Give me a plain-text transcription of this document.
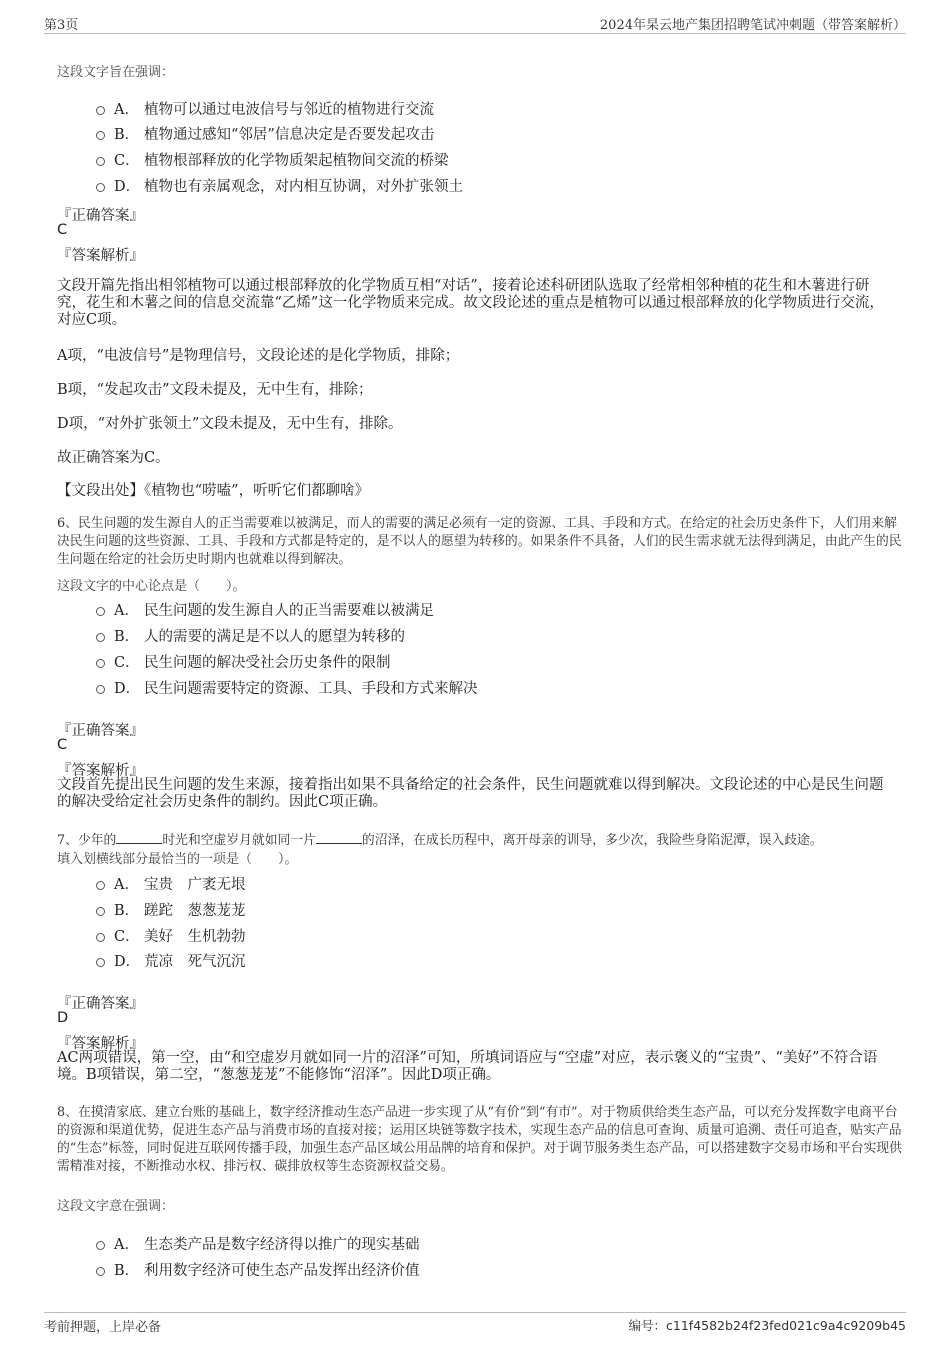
第3页	2024年杲云地产集团招聘笔试冲刺题（带答案解析）
这段文字旨在强调：
A． 植物可以通过电波信号与邻近的植物进行交流
B． 植物通过感知“邻居”信息决定是否要发起攻击
C． 植物根部释放的化学物质架起植物间交流的桥梁
D． 植物也有亲属观念，对内相互协调，对外扩张领土
『正确答案』
C
『答案解析』
文段开篇先指出相邻植物可以通过根部释放的化学物质互相“对话”，接着论述科研团队选取了经常相邻种植的花生和木薯进行研究，花生和木薯之间的信息交流靠“乙烯”这一化学物质来完成。故文段论述的重点是植物可以通过根部释放的化学物质进行交流，对应C项。
A项，“电波信号”是物理信号，文段论述的是化学物质，排除；
B项，“发起攻击”文段未提及，无中生有，排除；
D项，“对外扩张领土”文段未提及，无中生有，排除。
故正确答案为C。
【文段出处】《植物也“唠嗑”，听听它们都聊啥》
6、民生问题的发生源自人的正当需要难以被满足，而人的需要的满足必须有一定的资源、工具、手段和方式。在给定的社会历史条件下，人们用来解决民生问题的这些资源、工具、手段和方式都是特定的，是不以人的愿望为转移的。如果条件不具备，人们的民生需求就无法得到满足，由此产生的民生问题在给定的社会历史时期内也就难以得到解决。
这段文字的中心论点是（　　）。
A． 民生问题的发生源自人的正当需要难以被满足
B． 人的需要的满足是不以人的愿望为转移的
C． 民生问题的解决受社会历史条件的限制
D． 民生问题需要特定的资源、工具、手段和方式来解决
『正确答案』
C
『答案解析』
文段首先提出民生问题的发生来源，接着指出如果不具备给定的社会条件，民生问题就难以得到解决。文段论述的中心是民生问题的解决受给定社会历史条件的制约。因此C项正确。
7、少年的	时光和空虚岁月就如同一片	的沼泽，在成长历程中，离开母亲的训导，多少次，我险些身陷泥潭，误入歧途。
填入划横线部分最恰当的一项是（　　）。
A． 宝贵　广袤无垠
B． 蹉跎　葱葱茏茏
C． 美好　生机勃勃
D． 荒凉　死气沉沉
『正确答案』
D
『答案解析』
AC两项错误，第一空，由“和空虚岁月就如同一片的沼泽”可知，所填词语应与“空虚”对应，表示褒义的“宝贵”、“美好”不符合语境。B项错误，第二空，“葱葱茏茏”不能修饰“沼泽”。因此D项正确。
8、在摸清家底、建立台账的基础上，数字经济推动生态产品进一步实现了从“有价”到“有市”。对于物质供给类生态产品，可以充分发挥数字电商平台的资源和渠道优势，促进生态产品与消费市场的直接对接；运用区块链等数字技术，实现生态产品的信息可查询、质量可追溯、责任可追查，贴实产品的“生态”标签，同时促进互联网传播手段，加强生态产品区域公用品牌的培育和保护。对于调节服务类生态产品，可以搭建数字交易市场和平台实现供需精准对接，不断推动水权、排污权、碳排放权等生态资源权益交易。
这段文字意在强调：
A． 生态类产品是数字经济得以推广的现实基础
B． 利用数字经济可使生态产品发挥出经济价值
考前押题，上岸必备	编号：c11f4582b24f23fed021c9a4c9209b45
